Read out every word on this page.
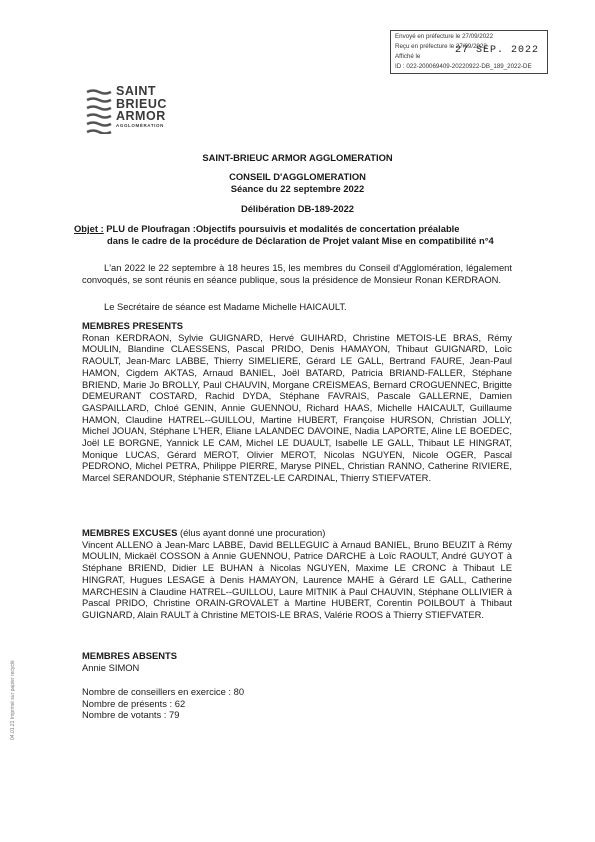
Envoyé en préfecture le 27/09/2022
Reçu en préfecture le 27/09/2022
Affiché le
ID : 022-200069409-20220922-DB_189_2022-DE
27 SEP. 2022
SAINT
BRIEUC
ARMOR
AGGLOMÉRATION
SAINT-BRIEUC ARMOR AGGLOMERATION
CONSEIL D'AGGLOMERATION
Séance du 22 septembre 2022
Délibération DB-189-2022
Objet : PLU de Ploufragan :Objectifs poursuivis et modalités de concertation préalable
dans le cadre de la procédure de Déclaration de Projet valant Mise en compatibilité n°4
L'an 2022 le 22 septembre à 18 heures 15, les membres du Conseil d'Agglomération, légalement convoqués, se sont réunis en séance publique, sous la présidence de Monsieur Ronan KERDRAON.
Le Secrétaire de séance est Madame Michelle HAICAULT.
MEMBRES PRESENTS
Ronan KERDRAON, Sylvie GUIGNARD, Hervé GUIHARD, Christine METOIS-LE BRAS, Rémy MOULIN, Blandine CLAESSENS, Pascal PRIDO, Denis HAMAYON, Thibaut GUIGNARD, Loïc RAOULT, Jean-Marc LABBE, Thierry SIMELIERE, Gérard LE GALL, Bertrand FAURE, Jean-Paul HAMON, Cigdem AKTAS, Arnaud BANIEL, Joël BATARD, Patricia BRIAND-FALLER, Stéphane BRIEND, Marie Jo BROLLY, Paul CHAUVIN, Morgane CREISMEAS, Bernard CROGUENNEC, Brigitte DEMEURANT COSTARD, Rachid DYDA, Stéphane FAVRAIS, Pascale GALLERNE, Damien GASPAILLARD, Chloé GENIN, Annie GUENNOU, Richard HAAS, Michelle HAICAULT, Guillaume HAMON, Claudine HATREL--GUILLOU, Martine HUBERT, Françoise HURSON, Christian JOLLY, Michel JOUAN, Stéphane L'HER, Eliane LALANDEC DAVOINE, Nadia LAPORTE, Aline LE BOEDEC, Joël LE BORGNE, Yannick LE CAM, Michel LE DUAULT, Isabelle LE GALL, Thibaut LE HINGRAT, Monique LUCAS, Gérard MEROT, Olivier MEROT, Nicolas NGUYEN, Nicole OGER, Pascal PEDRONO, Michel PETRA, Philippe PIERRE, Maryse PINEL, Christian RANNO, Catherine RIVIERE, Marcel SERANDOUR, Stéphanie STENTZEL-LE CARDINAL, Thierry STIEFVATER.
MEMBRES EXCUSES (élus ayant donné une procuration)
Vincent ALLENO à Jean-Marc LABBE, David BELLEGUIC à Arnaud BANIEL, Bruno BEUZIT à Rémy MOULIN, Mickaël COSSON à Annie GUENNOU, Patrice DARCHE à Loïc RAOULT, André GUYOT à Stéphane BRIEND, Didier LE BUHAN à Nicolas NGUYEN, Maxime LE CRONC à Thibaut LE HINGRAT, Hugues LESAGE à Denis HAMAYON, Laurence MAHE à Gérard LE GALL, Catherine MARCHESIN à Claudine HATREL--GUILLOU, Laure MITNIK à Paul CHAUVIN, Stéphane OLLIVIER à Pascal PRIDO, Christine ORAIN-GROVALET à Martine HUBERT, Corentin POILBOUT à Thibaut GUIGNARD, Alain RAULT à Christine METOIS-LE BRAS, Valérie ROOS à Thierry STIEFVATER.
MEMBRES ABSENTS
Annie SIMON
Nombre de conseillers en exercice : 80
Nombre de présents : 62
Nombre de votants : 79
04.01.21 Imprimé sur papier recyclé
